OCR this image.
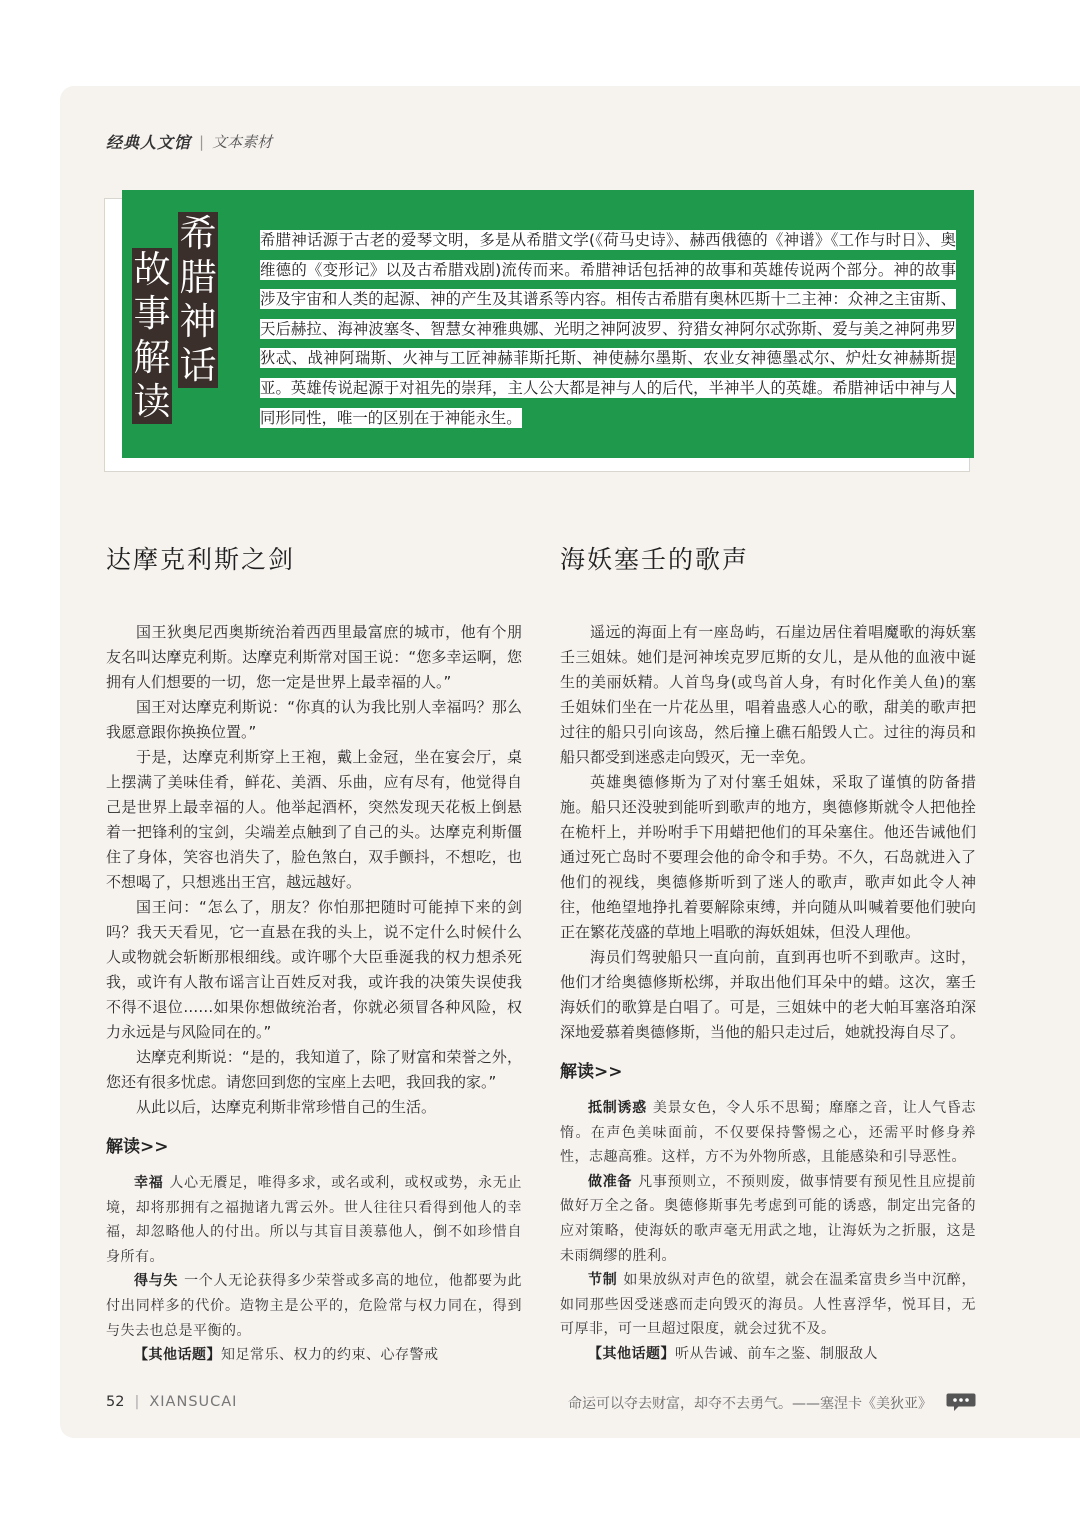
经典人文馆 | 文本素材
希
腊
神
话
故
事
解
读
希腊神话源于古老的爱琴文明，多是从希腊文学(《荷马史诗》、赫西俄德的《神谱》《工作与时日》、奥维德的《变形记》以及古希腊戏剧)流传而来。希腊神话包括神的故事和英雄传说两个部分。神的故事涉及宇宙和人类的起源、神的产生及其谱系等内容。相传古希腊有奥林匹斯十二主神：众神之主宙斯、天后赫拉、海神波塞冬、智慧女神雅典娜、光明之神阿波罗、狩猎女神阿尔忒弥斯、爱与美之神阿弗罗狄忒、战神阿瑞斯、火神与工匠神赫菲斯托斯、神使赫尔墨斯、农业女神德墨忒尔、炉灶女神赫斯提亚。英雄传说起源于对祖先的崇拜，主人公大都是神与人的后代，半神半人的英雄。希腊神话中神与人同形同性，唯一的区别在于神能永生。
达摩克利斯之剑

国王狄奥尼西奥斯统治着西西里最富庶的城市，他有个朋友名叫达摩克利斯。达摩克利斯常对国王说：“您多幸运啊，您拥有人们想要的一切，您一定是世界上最幸福的人。”

国王对达摩克利斯说：“你真的认为我比别人幸福吗？那么我愿意跟你换换位置。”

于是，达摩克利斯穿上王袍，戴上金冠，坐在宴会厅，桌上摆满了美味佳肴，鲜花、美酒、乐曲，应有尽有，他觉得自己是世界上最幸福的人。他举起酒杯，突然发现天花板上倒悬着一把锋利的宝剑，尖端差点触到了自己的头。达摩克利斯僵住了身体，笑容也消失了，脸色煞白，双手颤抖，不想吃，也不想喝了，只想逃出王宫，越远越好。

国王问：“怎么了，朋友？你怕那把随时可能掉下来的剑吗？我天天看见，它一直悬在我的头上，说不定什么时候什么人或物就会斩断那根细线。或许哪个大臣垂涎我的权力想杀死我，或许有人散布谣言让百姓反对我，或许我的决策失误使我不得不退位……如果你想做统治者，你就必须冒各种风险，权力永远是与风险同在的。”

达摩克利斯说：“是的，我知道了，除了财富和荣誉之外，您还有很多忧虑。请您回到您的宝座上去吧，我回我的家。”

从此以后，达摩克利斯非常珍惜自己的生活。

解读>>

幸福 人心无餍足，唯得多求，或名或利，或权或势，永无止境，却将那拥有之福抛诸九霄云外。世人往往只看得到他人的幸福，却忽略他人的付出。所以与其盲目羡慕他人，倒不如珍惜自身所有。

得与失 一个人无论获得多少荣誉或多高的地位，他都要为此付出同样多的代价。造物主是公平的，危险常与权力同在，得到与失去也总是平衡的。

【其他话题】知足常乐、权力的约束、心存警戒
海妖塞壬的歌声

遥远的海面上有一座岛屿，石崖边居住着唱魔歌的海妖塞壬三姐妹。她们是河神埃克罗厄斯的女儿，是从他的血液中诞生的美丽妖精。人首鸟身(或鸟首人身，有时化作美人鱼)的塞壬姐妹们坐在一片花丛里，唱着蛊惑人心的歌，甜美的歌声把过往的船只引向该岛，然后撞上礁石船毁人亡。过往的海员和船只都受到迷惑走向毁灭，无一幸免。

英雄奥德修斯为了对付塞壬姐妹，采取了谨慎的防备措施。船只还没驶到能听到歌声的地方，奥德修斯就令人把他拴在桅杆上，并吩咐手下用蜡把他们的耳朵塞住。他还告诫他们通过死亡岛时不要理会他的命令和手势。不久，石岛就进入了他们的视线，奥德修斯听到了迷人的歌声，歌声如此令人神往，他绝望地挣扎着要解除束缚，并向随从叫喊着要他们驶向正在繁花茂盛的草地上唱歌的海妖姐妹，但没人理他。

海员们驾驶船只一直向前，直到再也听不到歌声。这时，他们才给奥德修斯松绑，并取出他们耳朵中的蜡。这次，塞壬海妖们的歌算是白唱了。可是，三姐妹中的老大帕耳塞洛珀深深地爱慕着奥德修斯，当他的船只走过后，她就投海自尽了。

解读>>

抵制诱惑 美景女色，令人乐不思蜀；靡靡之音，让人气昏志惰。在声色美味面前，不仅要保持警惕之心，还需平时修身养性，志趣高雅。这样，方不为外物所惑，且能感染和引导恶性。

做准备 凡事预则立，不预则废，做事情要有预见性且应提前做好万全之备。奥德修斯事先考虑到可能的诱惑，制定出完备的应对策略，使海妖的歌声毫无用武之地，让海妖为之折服，这是未雨绸缪的胜利。

节制 如果放纵对声色的欲望，就会在温柔富贵乡当中沉醉，如同那些因受迷惑而走向毁灭的海员。人性喜浮华，悦耳目，无可厚非，可一旦超过限度，就会过犹不及。

【其他话题】听从告诫、前车之鉴、制服敌人
52 | XIANSUCAI	命运可以夺去财富，却夺不去勇气。——塞涅卡《美狄亚》
